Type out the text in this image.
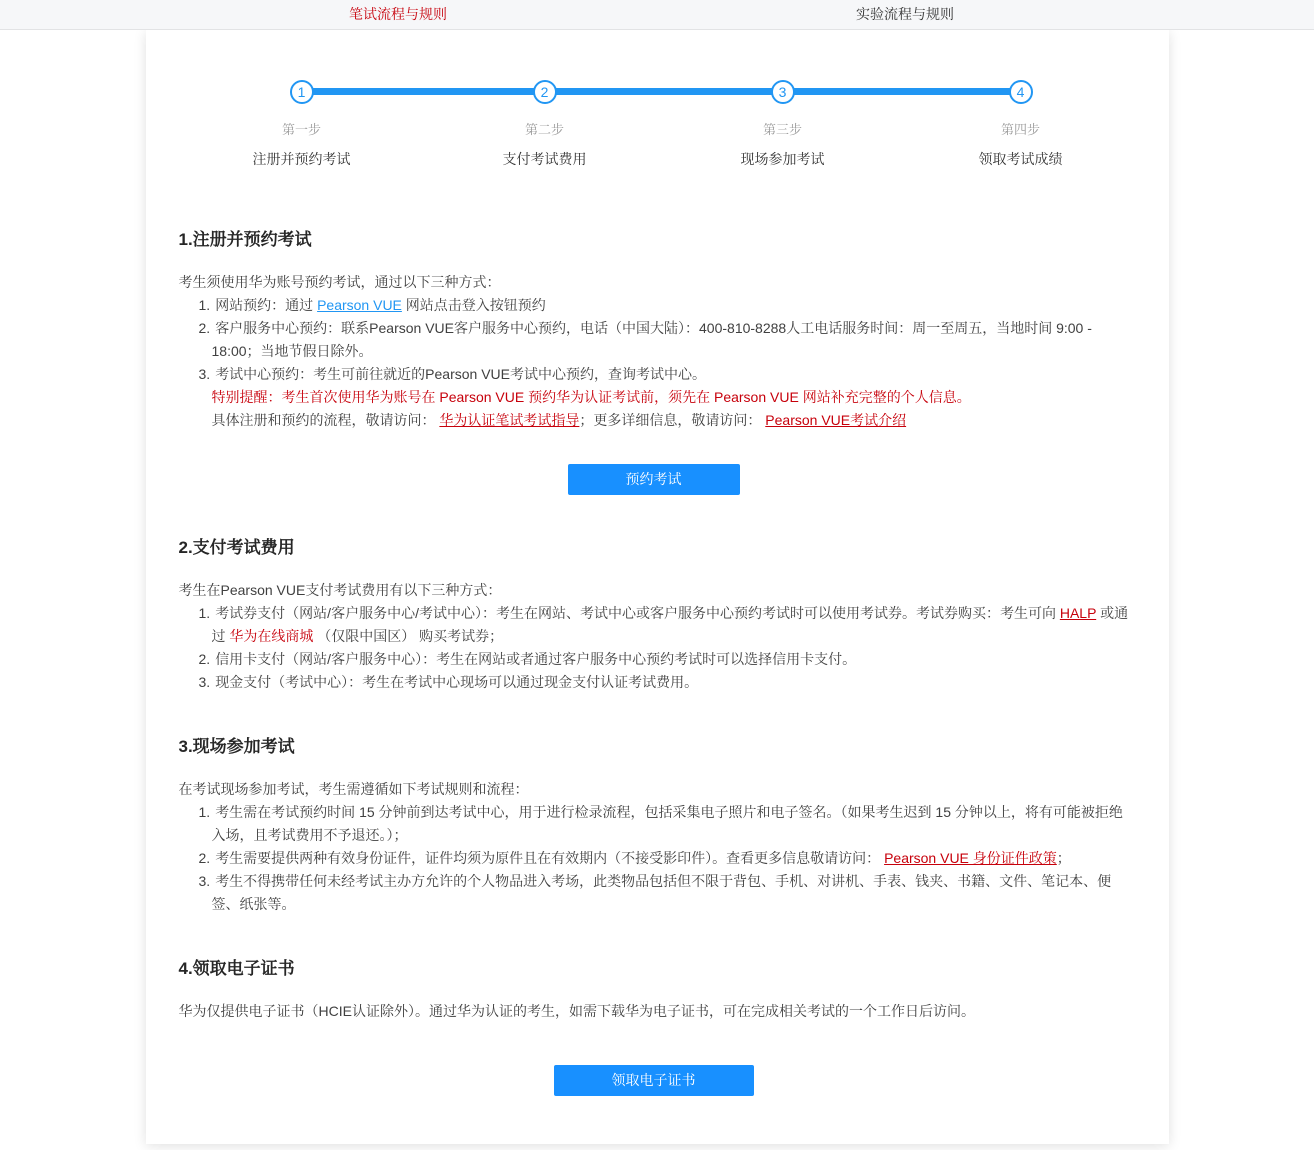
笔试流程与规则	实验流程与规则
1
第一步
注册并预约考试
2
第二步
支付考试费用
3
第三步
现场参加考试
4
第四步
领取考试成绩
1.注册并预约考试

考生须使用华为账号预约考试，通过以下三种方式：

1. 网站预约：通过 Pearson VUE 网站点击登入按钮预约
2. 客户服务中心预约：联系Pearson VUE客户服务中心预约，电话（中国大陆）：400-810-8288人工电话服务时间：周一至周五，当地时间 9:00 - 18:00；当地节假日除外。
3. 考试中心预约：考生可前往就近的Pearson VUE考试中心预约，查询考试中心。

特别提醒：考生首次使用华为账号在 Pearson VUE 预约华为认证考试前，须先在 Pearson VUE 网站补充完整的个人信息。

具体注册和预约的流程，敬请访问： 华为认证笔试考试指导；更多详细信息，敬请访问： Pearson VUE考试介绍

预约考试
2.支付考试费用

考生在Pearson VUE支付考试费用有以下三种方式：

1. 考试券支付（网站/客户服务中心/考试中心）：考生在网站、考试中心或客户服务中心预约考试时可以使用考试券。考试券购买：考生可向 HALP 或通过 华为在线商城 （仅限中国区） 购买考试券；
2. 信用卡支付（网站/客户服务中心）：考生在网站或者通过客户服务中心预约考试时可以选择信用卡支付。
3. 现金支付（考试中心）：考生在考试中心现场可以通过现金支付认证考试费用。
3.现场参加考试

在考试现场参加考试，考生需遵循如下考试规则和流程：

1. 考生需在考试预约时间 15 分钟前到达考试中心，用于进行检录流程，包括采集电子照片和电子签名。（如果考生迟到 15 分钟以上，将有可能被拒绝入场，且考试费用不予退还。）；
2. 考生需要提供两种有效身份证件，证件均须为原件且在有效期内（不接受影印件）。查看更多信息敬请访问： Pearson VUE 身份证件政策；
3. 考生不得携带任何未经考试主办方允许的个人物品进入考场，此类物品包括但不限于背包、手机、对讲机、手表、钱夹、书籍、文件、笔记本、便签、纸张等。
4.领取电子证书

华为仅提供电子证书（HCIE认证除外）。通过华为认证的考生，如需下载华为电子证书，可在完成相关考试的一个工作日后访问。

领取电子证书
